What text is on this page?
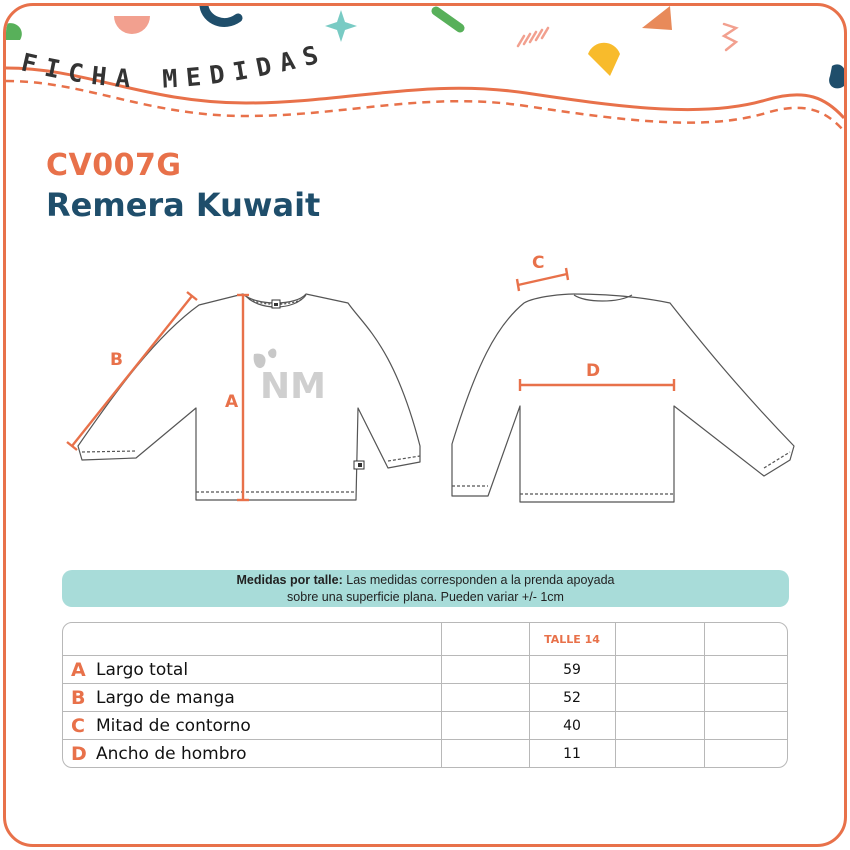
FICHA MEDIDAS
CV007G
Remera Kuwait
NM
A
B
C
D
Medidas por talle: Las medidas corresponden a la prenda apoyada
sobre una superficie plana. Pueden variar +/- 1cm
TALLE 14
A Largo total	59
B Largo de manga	52
C Mitad de contorno	40
D Ancho de hombro	11
